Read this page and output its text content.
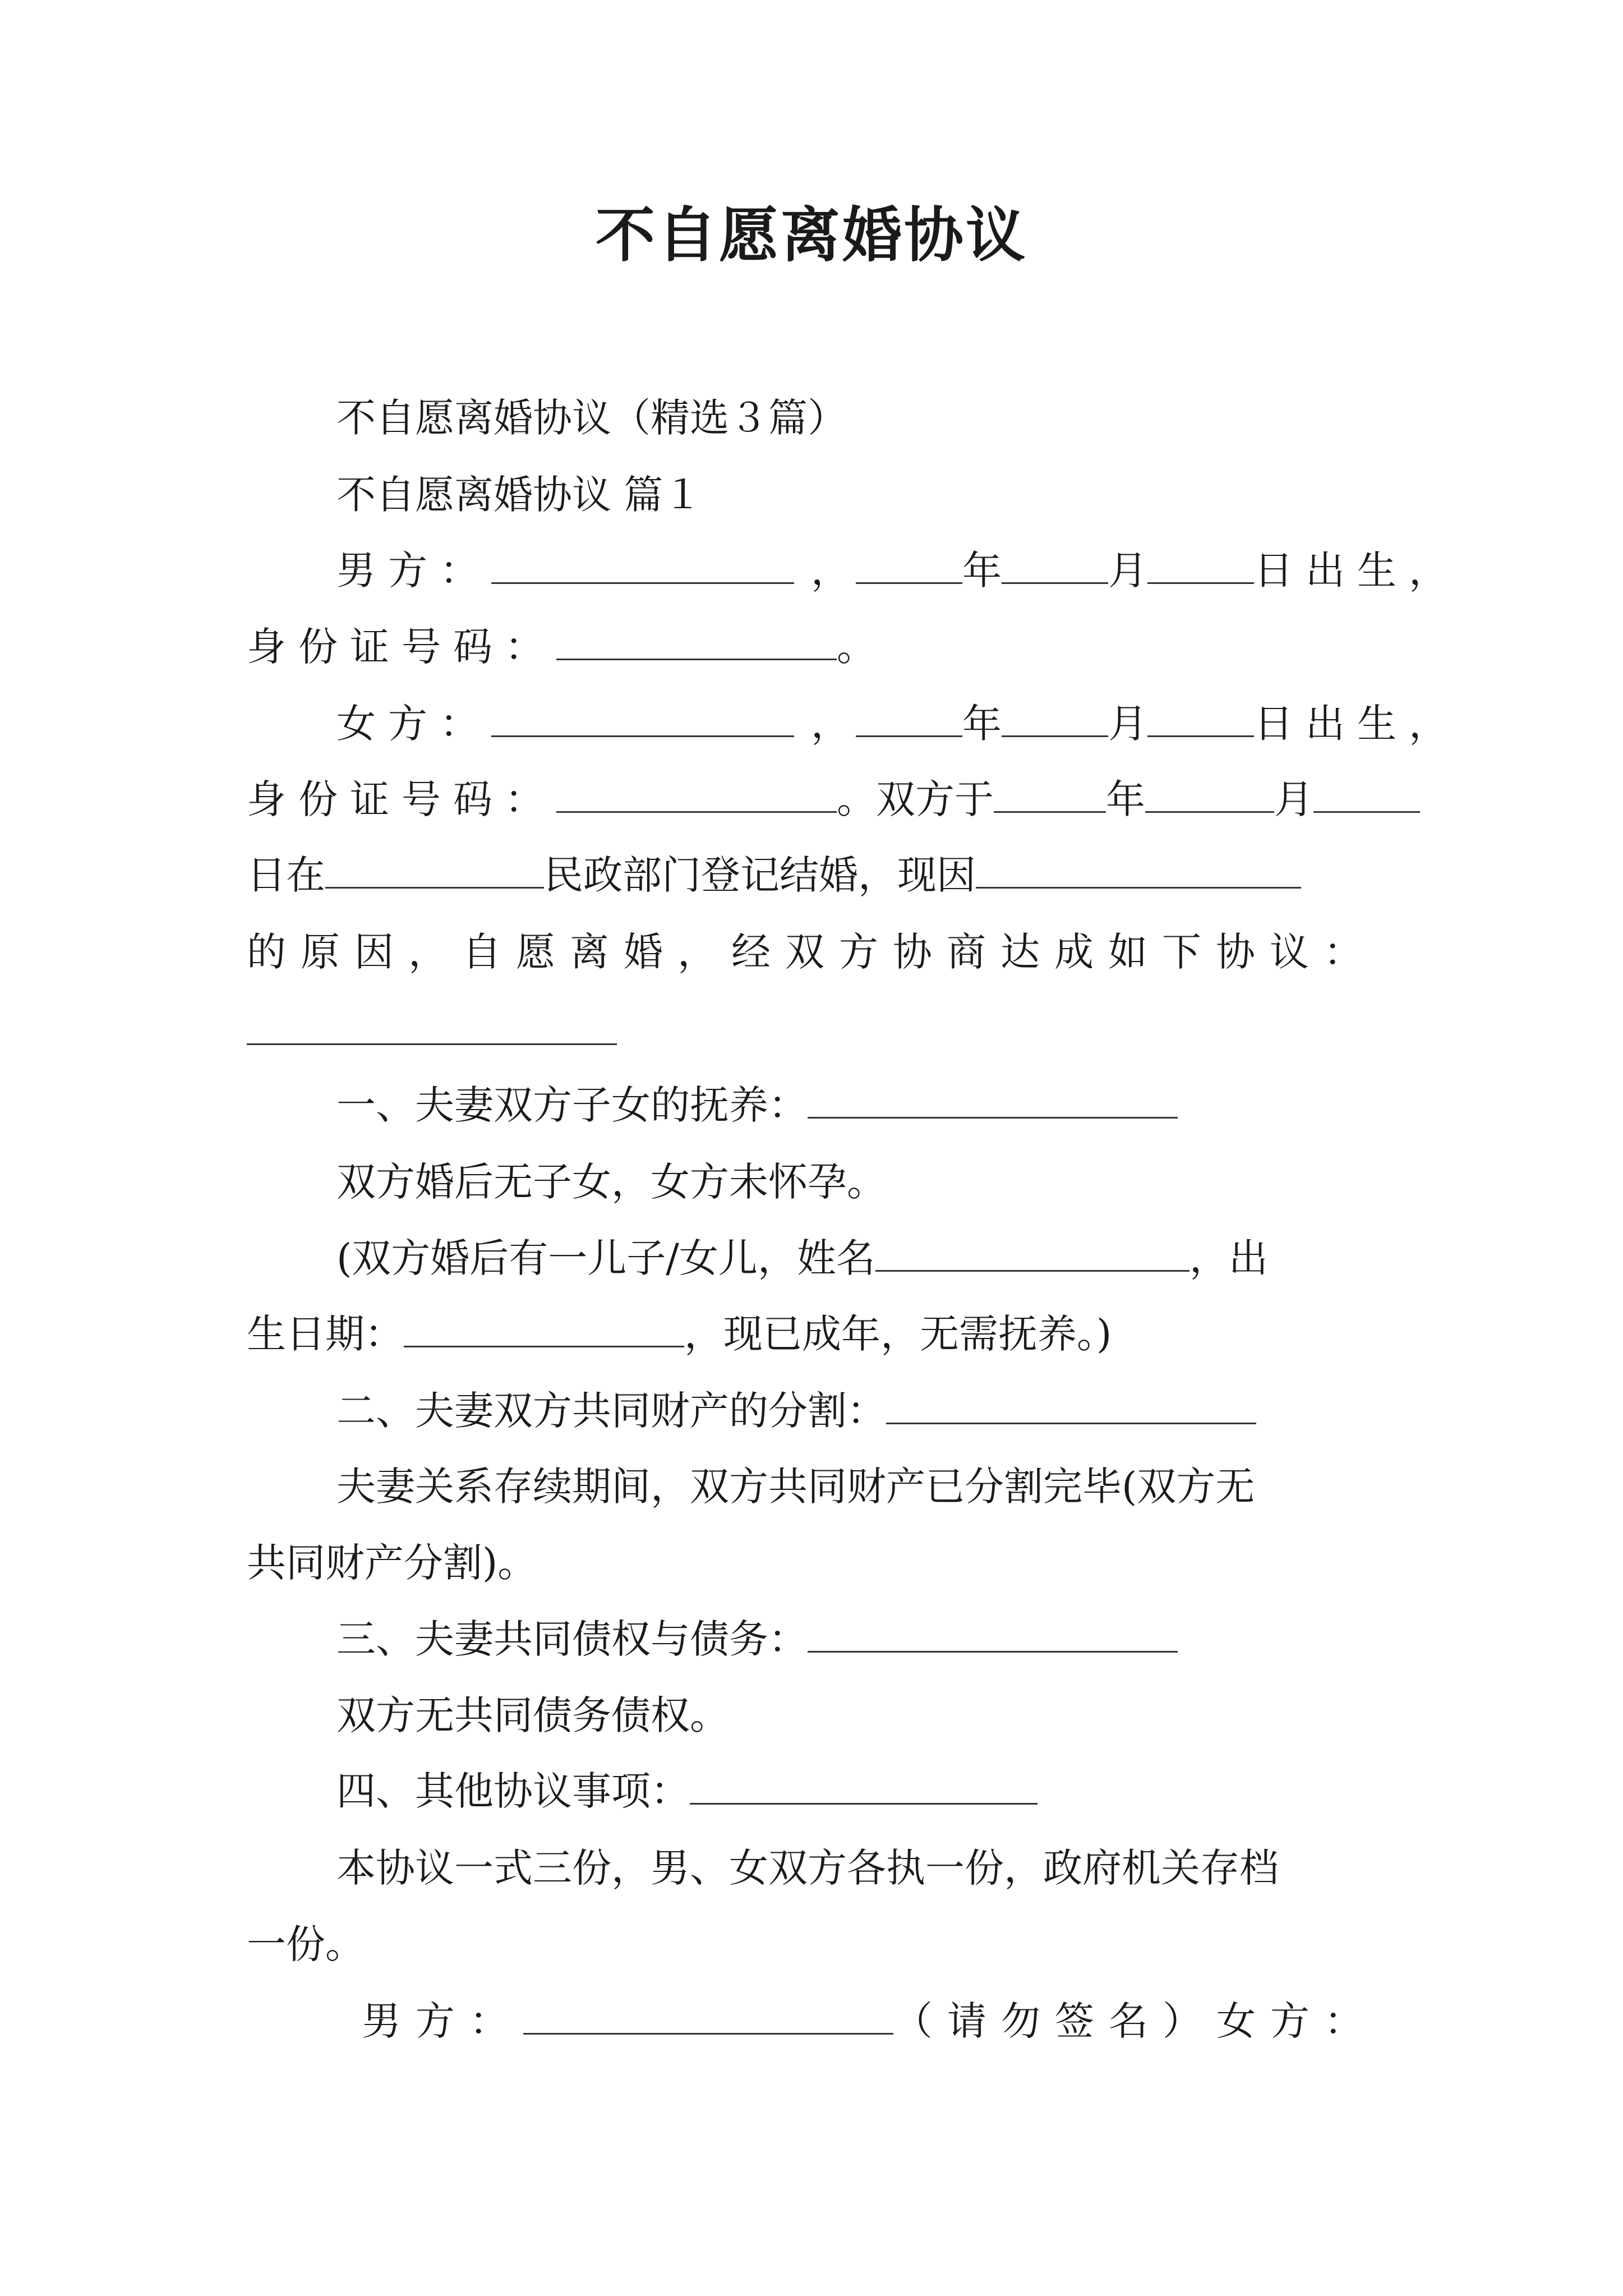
不自愿离婚协议
不自愿离婚协议（精选３篇）
不自愿离婚协议 篇１
男方：	，	年	月	日出生，
身份证号码：	。
女方：	，	年	月	日出生，
身份证号码：	。双方于	年	月
日在	民政部门登记结婚，现因
的原因，自愿离婚，经双方协商达成如下协议：
一、夫妻双方子女的抚养：
双方婚后无子女，女方未怀孕。
(双方婚后有一儿子/女儿，姓名	，出
生日期：	，现已成年，无需抚养。)
二、夫妻双方共同财产的分割：
夫妻关系存续期间，双方共同财产已分割完毕(双方无
共同财产分割)。
三、夫妻共同债权与债务：
双方无共同债务债权。
四、其他协议事项：
本协议一式三份，男、女双方各执一份，政府机关存档
一份。
男方：	（请勿签名）女方：
